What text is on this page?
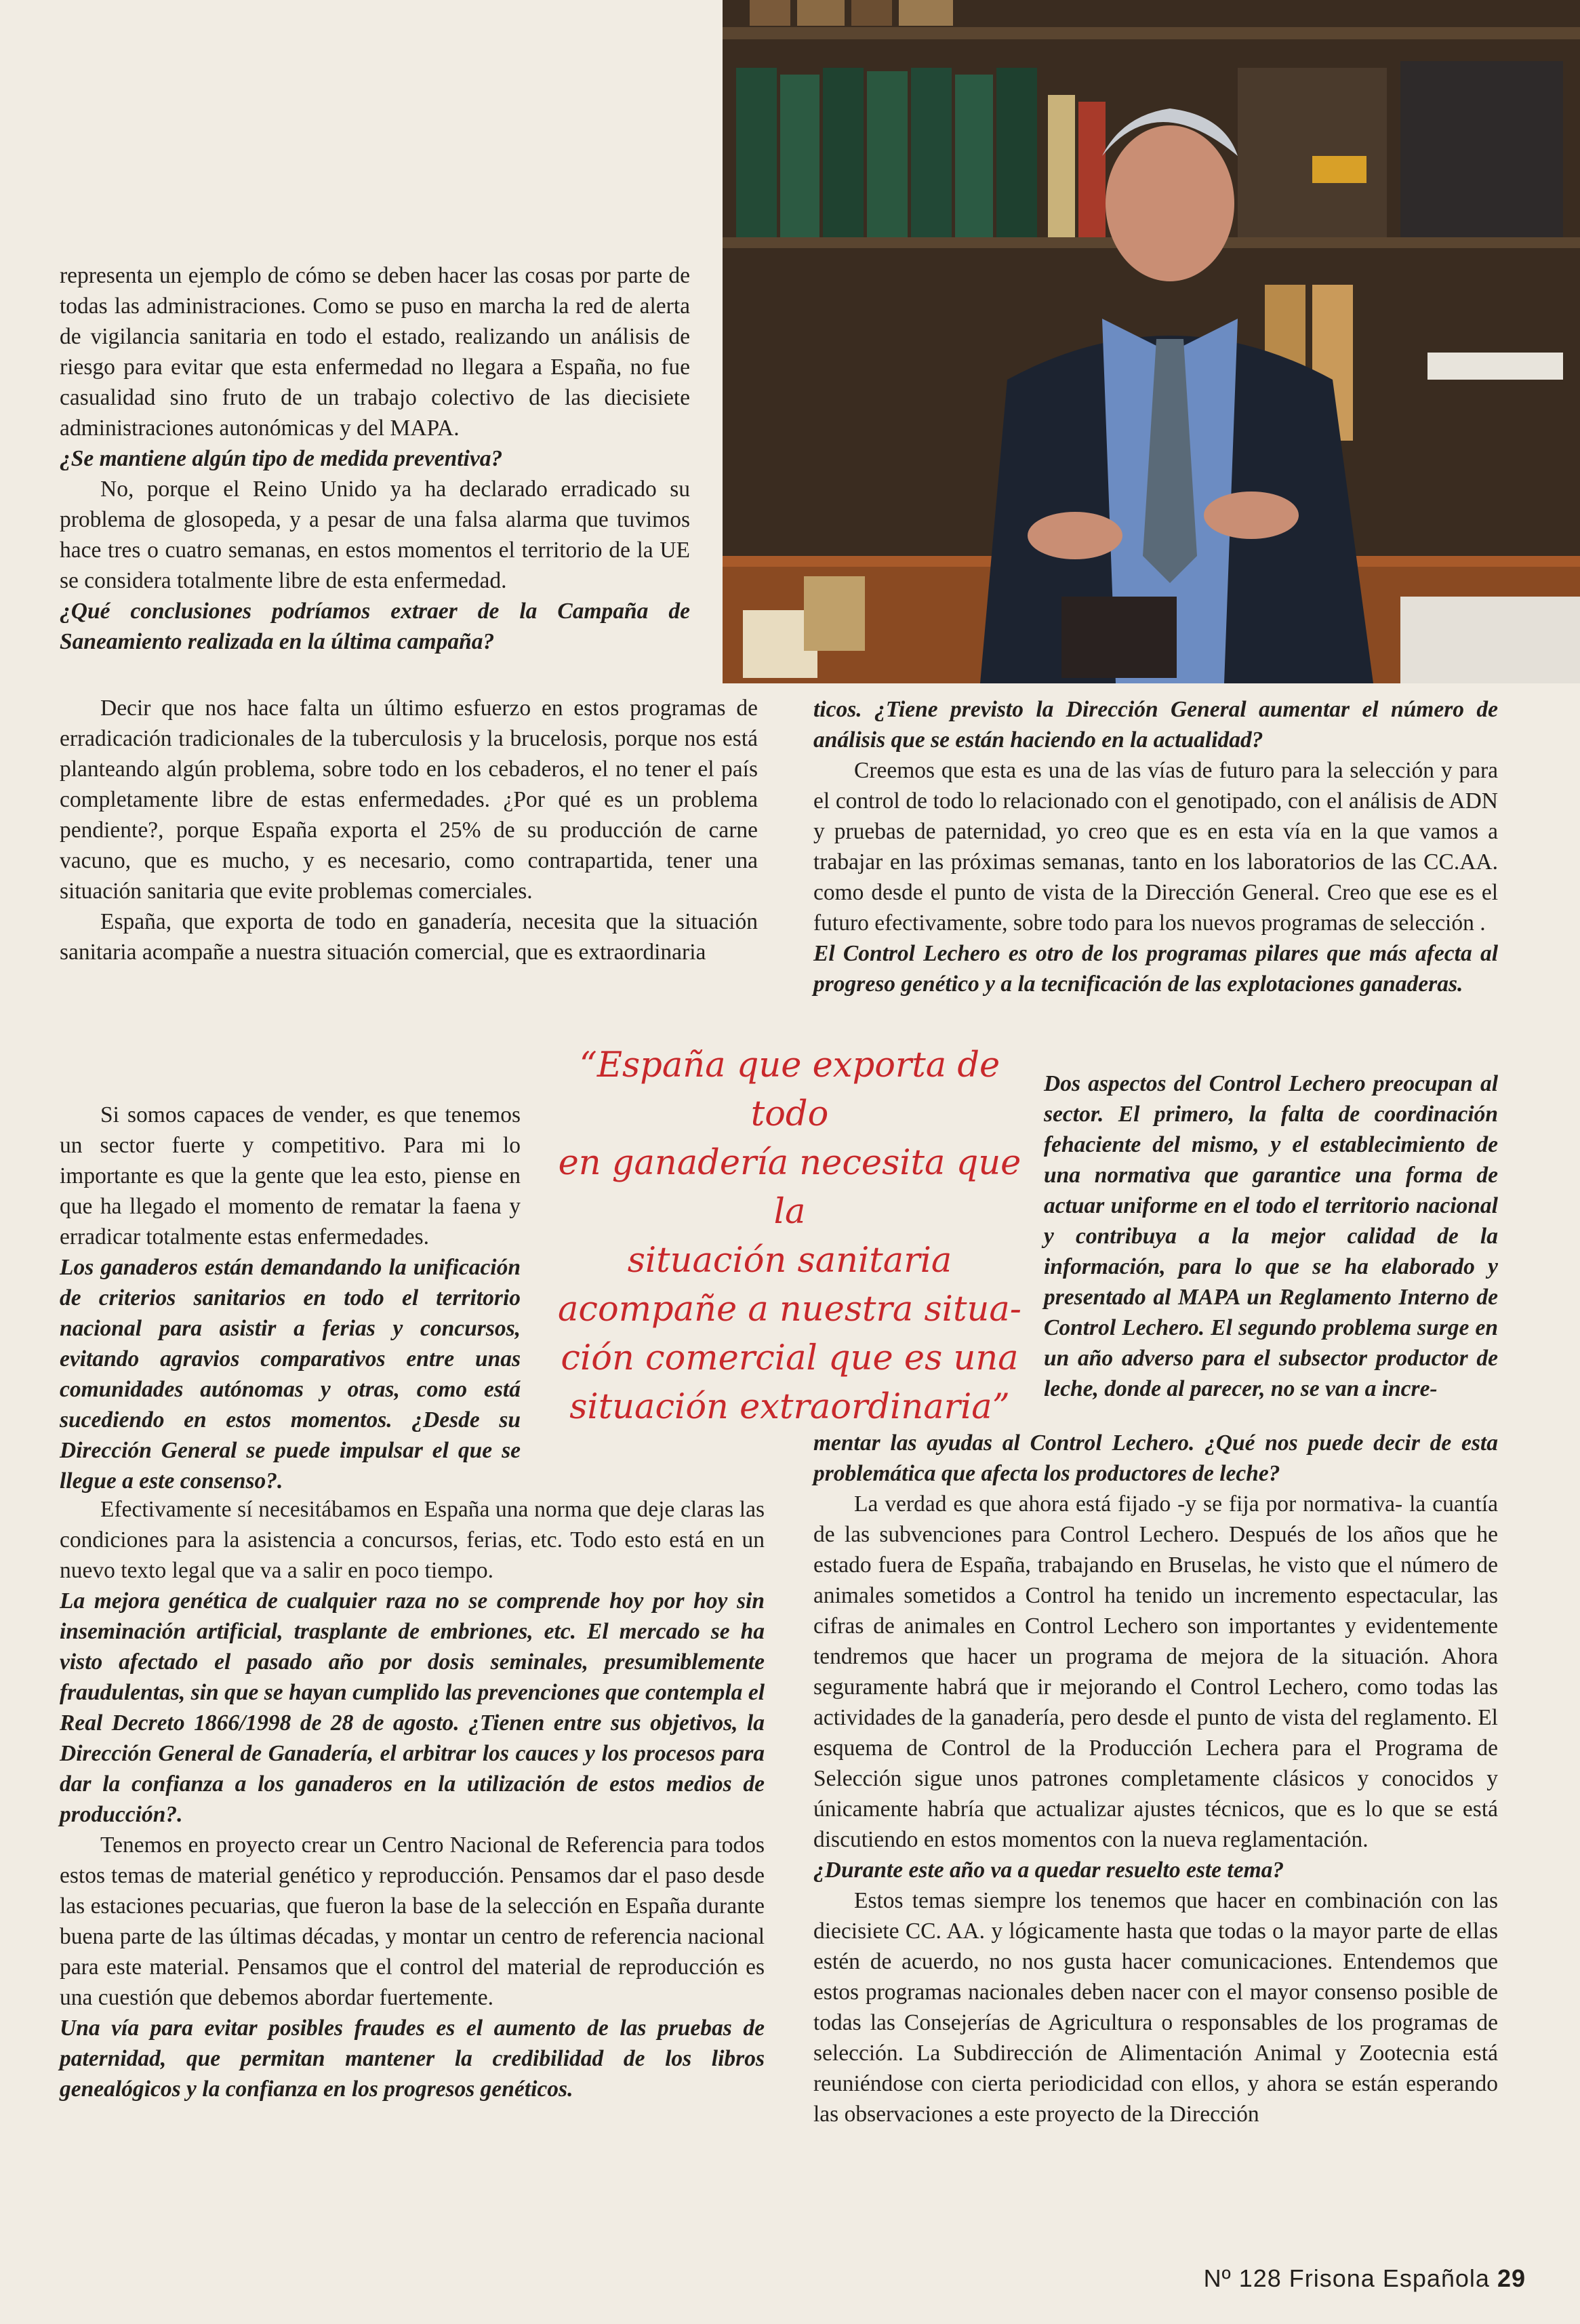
representa un ejemplo de cómo se deben hacer las cosas por parte de todas las administraciones. Como se puso en marcha la red de alerta de vigilancia sanitaria en todo el estado, realizando un análisis de riesgo para evitar que esta enfermedad no llegara a España, no fue casualidad sino fruto de un trabajo colectivo de las diecisiete administraciones autonómicas y del MAPA.

¿Se mantiene algún tipo de medida preventiva?

No, porque el Reino Unido ya ha declarado erradicado su problema de glosopeda, y a pesar de una falsa alarma que tuvimos hace tres o cuatro semanas, en estos momentos el territorio de la UE se considera totalmente libre de esta enfermedad.

¿Qué conclusiones podríamos extraer de la Campaña de Saneamiento realizada en la última campaña?

Decir que nos hace falta un último esfuerzo en estos programas de erradicación tradicionales de la tuberculosis y la brucelosis, porque nos está planteando algún problema, sobre todo en los cebaderos, el no tener el país completamente libre de estas enfermedades. ¿Por qué es un problema pendiente?, porque España exporta el 25% de su producción de carne vacuno, que es mucho, y es necesario, como contrapartida, tener una situación sanitaria que evite problemas comerciales.

España, que exporta de todo en ganadería, necesita que la situación sanitaria acompañe a nuestra situación comercial, que es extraordinaria

Si somos capaces de vender, es que tenemos un sector fuerte y competitivo. Para mi lo importante es que la gente que lea esto, piense en que ha llegado el momento de rematar la faena y erradicar totalmente estas enfermedades.

Los ganaderos están demandando la unificación de criterios sanitarios en todo el territorio nacional para asistir a ferias y concursos, evitando agravios comparativos entre unas comunidades autónomas y otras, como está sucediendo en estos momentos. ¿Desde su Dirección General se puede impulsar el que se llegue a este consenso?.

Efectivamente sí necesitábamos en España una norma que deje claras las condiciones para la asistencia a concursos, ferias, etc. Todo esto está en un nuevo texto legal que va a salir en poco tiempo.

La mejora genética de cualquier raza no se comprende hoy por hoy sin inseminación artificial, trasplante de embriones, etc. El mercado se ha visto afectado el pasado año por dosis seminales, presumiblemente fraudulentas, sin que se hayan cumplido las prevenciones que contempla el Real Decreto 1866/1998 de 28 de agosto. ¿Tienen entre sus objetivos, la Dirección General de Ganadería, el arbitrar los cauces y los procesos para dar la confianza a los ganaderos en la utilización de estos medios de producción?.

Tenemos en proyecto crear un Centro Nacional de Referencia para todos estos temas de material genético y reproducción. Pensamos dar el paso desde las estaciones pecuarias, que fueron la base de la selección en España durante buena parte de las últimas décadas, y montar un centro de referencia nacional para este material. Pensamos que el control del material de reproducción es una cuestión que debemos abordar fuertemente.

Una vía para evitar posibles fraudes es el aumento de las pruebas de paternidad, que permitan mantener la credibilidad de los libros genealógicos y la confianza en los progresos genéticos.

ticos. ¿Tiene previsto la Dirección General aumentar el número de análisis que se están haciendo en la actualidad?

Creemos que esta es una de las vías de futuro para la selección y para el control de todo lo relacionado con el genotipado, con el análisis de ADN y pruebas de paternidad, yo creo que es en esta vía en la que vamos a trabajar en las próximas semanas, tanto en los laboratorios de las CC.AA. como desde el punto de vista de la Dirección General. Creo que ese es el futuro efectivamente, sobre todo para los nuevos programas de selección .

El Control Lechero es otro de los programas pilares que más afecta al progreso genético y a la tecnificación de las explotaciones ganaderas.

Dos aspectos del Control Lechero preocupan al sector. El primero, la falta de coordinación fehaciente del mismo, y el establecimiento de una normativa que garantice una forma de actuar uniforme en el todo el territorio nacional y contribuya a la mejor calidad de la información, para lo que se ha elaborado y presentado al MAPA un Reglamento Interno de Control Lechero. El segundo problema surge en un año adverso para el subsector productor de leche, donde al parecer, no se van a incre-

mentar las ayudas al Control Lechero. ¿Qué nos puede decir de esta problemática que afecta los productores de leche?

La verdad es que ahora está fijado -y se fija por normativa- la cuantía de las subvenciones para Control Lechero. Después de los años que he estado fuera de España, trabajando en Bruselas, he visto que el número de animales sometidos a Control ha tenido un incremento espectacular, las cifras de animales en Control Lechero son importantes y evidentemente tendremos que hacer un programa de mejora de la situación. Ahora seguramente habrá que ir mejorando el Control Lechero, como todas las actividades de la ganadería, pero desde el punto de vista del reglamento. El esquema de Control de la Producción Lechera para el Programa de Selección sigue unos patrones completamente clásicos y conocidos y únicamente habría que actualizar ajustes técnicos, que es lo que se está discutiendo en estos momentos con la nueva reglamentación.

¿Durante este año va a quedar resuelto este tema?

Estos temas siempre los tenemos que hacer en combinación con las diecisiete CC. AA. y lógicamente hasta que todas o la mayor parte de ellas estén de acuerdo, no nos gusta hacer comunicaciones. Entendemos que estos programas nacionales deben nacer con el mayor consenso posible de todas las Consejerías de Agricultura o responsables de los programas de selección. La Subdirección de Alimentación Animal y Zootecnia está reuniéndose con cierta periodicidad con ellos, y ahora se están esperando las observaciones a este proyecto de la Dirección

“España que exporta de todo
en ganadería necesita que la
situación sanitaria
acompañe a nuestra situa-
ción comercial que es una
situación extraordinaria”
Nº 128 Frisona Española 29
